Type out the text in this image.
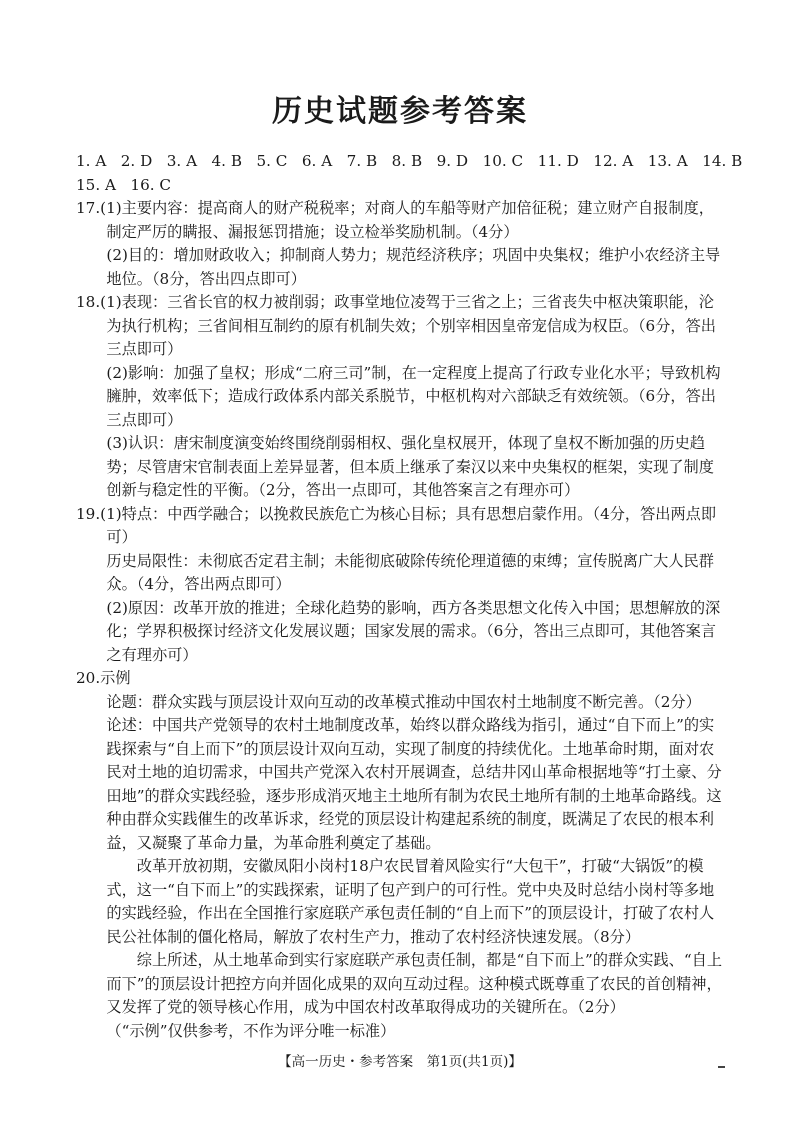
历史试题参考答案

1. A   2. D   3. A   4. B   5. C   6. A   7. B   8. B   9. D   10. C   11. D   12. A   13. A   14. B

15. A   16. C

17.(1)主要内容：提高商人的财产税税率；对商人的车船等财产加倍征税；建立财产自报制度，制定严厉的瞒报、漏报惩罚措施；设立检举奖励机制。（4分）

(2)目的：增加财政收入；抑制商人势力；规范经济秩序；巩固中央集权；维护小农经济主导地位。（8分，答出四点即可）

18.(1)表现：三省长官的权力被削弱；政事堂地位凌驾于三省之上；三省丧失中枢决策职能，沦为执行机构；三省间相互制约的原有机制失效；个别宰相因皇帝宠信成为权臣。（6分，答出三点即可）

(2)影响：加强了皇权；形成“二府三司”制，在一定程度上提高了行政专业化水平；导致机构臃肿，效率低下；造成行政体系内部关系脱节，中枢机构对六部缺乏有效统领。（6分，答出三点即可）

(3)认识：唐宋制度演变始终围绕削弱相权、强化皇权展开，体现了皇权不断加强的历史趋势；尽管唐宋官制表面上差异显著，但本质上继承了秦汉以来中央集权的框架，实现了制度创新与稳定性的平衡。（2分，答出一点即可，其他答案言之有理亦可）

19.(1)特点：中西学融合；以挽救民族危亡为核心目标；具有思想启蒙作用。（4分，答出两点即可）

历史局限性：未彻底否定君主制；未能彻底破除传统伦理道德的束缚；宣传脱离广大人民群众。（4分，答出两点即可）

(2)原因：改革开放的推进；全球化趋势的影响，西方各类思想文化传入中国；思想解放的深化；学界积极探讨经济文化发展议题；国家发展的需求。（6分，答出三点即可，其他答案言之有理亦可）

20.示例

论题：群众实践与顶层设计双向互动的改革模式推动中国农村土地制度不断完善。（2分）

论述：中国共产党领导的农村土地制度改革，始终以群众路线为指引，通过“自下而上”的实践探索与“自上而下”的顶层设计双向互动，实现了制度的持续优化。土地革命时期，面对农民对土地的迫切需求，中国共产党深入农村开展调查，总结井冈山革命根据地等“打土豪、分田地”的群众实践经验，逐步形成消灭地主土地所有制为农民土地所有制的土地革命路线。这种由群众实践催生的改革诉求，经党的顶层设计构建起系统的制度，既满足了农民的根本利益，又凝聚了革命力量，为革命胜利奠定了基础。

改革开放初期，安徽凤阳小岗村18户农民冒着风险实行“大包干”，打破“大锅饭”的模式，这一“自下而上”的实践探索，证明了包产到户的可行性。党中央及时总结小岗村等多地的实践经验，作出在全国推行家庭联产承包责任制的“自上而下”的顶层设计，打破了农村人民公社体制的僵化格局，解放了农村生产力，推动了农村经济快速发展。（8分）

综上所述，从土地革命到实行家庭联产承包责任制，都是“自下而上”的群众实践、“自上而下”的顶层设计把控方向并固化成果的双向互动过程。这种模式既尊重了农民的首创精神，又发挥了党的领导核心作用，成为中国农村改革取得成功的关键所在。（2分）

（“示例”仅供参考，不作为评分唯一标准）

【高一历史・参考答案　第1页(共1页)】
